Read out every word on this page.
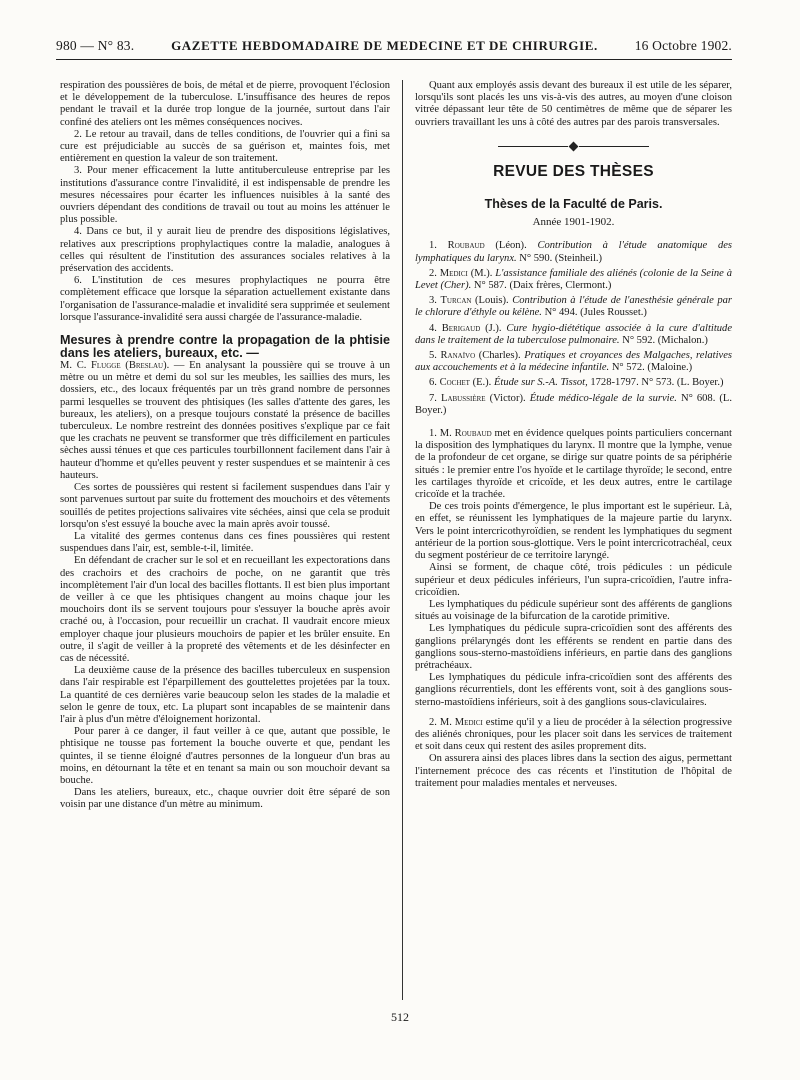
980 — N° 83.	GAZETTE HEBDOMADAIRE DE MEDECINE ET DE CHIRURGIE.	16 Octobre 1902.

respiration des poussières de bois, de métal et de pierre, provoquent l'éclosion et le développement de la tuberculose. L'insuffisance des heures de repos pendant le travail et la durée trop longue de la journée, surtout dans l'air confiné des ateliers ont les mêmes conséquences nocives.

2. Le retour au travail, dans de telles conditions, de l'ouvrier qui a fini sa cure est préjudiciable au succès de sa guérison et, maintes fois, met entièrement en question la valeur de son traitement.

3. Pour mener efficacement la lutte antituberculeuse entreprise par les institutions d'assurance contre l'invalidité, il est indispensable de prendre les mesures nécessaires pour écarter les influences nuisibles à la santé des ouvriers dépendant des conditions de travail ou tout au moins les atténuer le plus possible.

4. Dans ce but, il y aurait lieu de prendre des dispositions législatives, relatives aux prescriptions prophylactiques contre la maladie, analogues à celles qui résultent de l'institution des assurances sociales relatives à la préservation des accidents.

6. L'institution de ces mesures prophylactiques ne pourra être complètement efficace que lorsque la séparation actuellement existante dans l'organisation de l'assurance-maladie et invalidité sera supprimée et seulement lorsque l'assurance-invalidité sera aussi chargée de l'assurance-maladie.

Mesures à prendre contre la propagation de la phtisie dans les ateliers, bureaux, etc. —

M. C. Flugge (Breslau). — En analysant la poussière qui se trouve à un mètre ou un mètre et demi du sol sur les meubles, les saillies des murs, les dossiers, etc., des locaux fréquentés par un très grand nombre de personnes parmi lesquelles se trouvent des phtisiques (les salles d'attente des gares, les bureaux, les ateliers), on a presque toujours constaté la présence de bacilles tuberculeux. Le nombre restreint des données positives s'explique par ce fait que les crachats ne peuvent se transformer que très difficilement en particules sèches aussi ténues et que ces particules tourbillonnent facilement dans l'air à hauteur d'homme et qu'elles peuvent y rester suspendues et se maintenir à ces hauteurs.

Ces sortes de poussières qui restent si facilement suspendues dans l'air y sont parvenues surtout par suite du frottement des mouchoirs et des vêtements souillés de petites projections salivaires vite séchées, ainsi que cela se produit lorsqu'on s'est essuyé la bouche avec la main après avoir toussé.

La vitalité des germes contenus dans ces fines poussières qui restent suspendues dans l'air, est, semble-t-il, limitée.

En défendant de cracher sur le sol et en recueillant les expectorations dans des crachoirs et des crachoirs de poche, on ne garantit que très incomplètement l'air d'un local des bacilles flottants. Il est bien plus important de veiller à ce que les phtisiques changent au moins chaque jour les mouchoirs dont ils se servent toujours pour s'essuyer la bouche après avoir craché ou, à l'occasion, pour recueillir un crachat. Il vaudrait encore mieux employer chaque jour plusieurs mouchoirs de papier et les brûler ensuite. En outre, il s'agit de veiller à la propreté des vêtements et de les désinfecter en cas de nécessité.

La deuxième cause de la présence des bacilles tuberculeux en suspension dans l'air respirable est l'éparpillement des gouttelettes projetées par la toux. La quantité de ces dernières varie beaucoup selon les stades de la maladie et selon le genre de toux, etc. La plupart sont incapables de se maintenir dans l'air à plus d'un mètre d'éloignement horizontal.

Pour parer à ce danger, il faut veiller à ce que, autant que possible, le phtisique ne tousse pas fortement la bouche ouverte et que, pendant les quintes, il se tienne éloigné d'autres personnes de la longueur d'un bras au moins, en détournant la tête et en tenant sa main ou son mouchoir devant sa bouche.

Dans les ateliers, bureaux, etc., chaque ouvrier doit être séparé de son voisin par une distance d'un mètre au minimum.

Quant aux employés assis devant des bureaux il est utile de les séparer, lorsqu'ils sont placés les uns vis-à-vis des autres, au moyen d'une cloison vitrée dépassant leur tête de 50 centimètres de même que de séparer les ouvriers travaillant les uns à côté des autres par des parois transversales.

REVUE DES THÈSES
Thèses de la Faculté de Paris.
Année 1901-1902.

1. Roubaud (Léon). Contribution à l'étude anatomique des lymphatiques du larynx. N° 590. (Steinheil.)

2. Medici (M.). L'assistance familiale des aliénés (colonie de la Seine à Levet (Cher). N° 587. (Daix frères, Clermont.)

3. Turcan (Louis). Contribution à l'étude de l'anesthésie générale par le chlorure d'éthyle ou kélène. N° 494. (Jules Rousset.)

4. Berigaud (J.). Cure hygio-diététique associée à la cure d'altitude dans le traitement de la tuberculose pulmonaire. N° 592. (Michalon.)

5. Ranaïvo (Charles). Pratiques et croyances des Malgaches, relatives aux accouchements et à la médecine infantile. N° 572. (Maloine.)

6. Cochet (E.). Étude sur S.-A. Tissot, 1728-1797. N° 573. (L. Boyer.)

7. Labussière (Victor). Étude médico-légale de la survie. N° 608. (L. Boyer.)

1. M. Roubaud met en évidence quelques points particuliers concernant la disposition des lymphatiques du larynx. Il montre que la lymphe, venue de la profondeur de cet organe, se dirige sur quatre points de sa périphérie situés : le premier entre l'os hyoïde et le cartilage thyroïde; le second, entre les cartilages thyroïde et cricoïde, et les deux autres, entre le cartilage cricoïde et la trachée.

De ces trois points d'émergence, le plus important est le supérieur. Là, en effet, se réunissent les lymphatiques de la majeure partie du larynx. Vers le point intercricothyroïdien, se rendent les lymphatiques du segment antérieur de la portion sous-glottique. Vers le point intercricotrachéal, ceux du segment postérieur de ce territoire laryngé.

Ainsi se forment, de chaque côté, trois pédicules : un pédicule supérieur et deux pédicules inférieurs, l'un supra-cricoïdien, l'autre infra-cricoïdien.

Les lymphatiques du pédicule supérieur sont des afférents de ganglions situés au voisinage de la bifurcation de la carotide primitive.

Les lymphatiques du pédicule supra-cricoïdien sont des afférents des ganglions prélaryngés dont les efférents se rendent en partie dans des ganglions sous-sterno-mastoïdiens inférieurs, en partie dans des ganglions prétrachéaux.

Les lymphatiques du pédicule infra-cricoïdien sont des afférents des ganglions récurrentiels, dont les efférents vont, soit à des ganglions sous-sterno-mastoïdiens inférieurs, soit à des ganglions sous-claviculaires.

2. M. Medici estime qu'il y a lieu de procéder à la sélection progressive des aliénés chroniques, pour les placer soit dans les services de traitement et soit dans ceux qui restent des asiles proprement dits.

On assurera ainsi des places libres dans la section des aigus, permettant l'internement précoce des cas récents et l'institution de l'hôpital de traitement pour maladies mentales et nerveuses.

512
